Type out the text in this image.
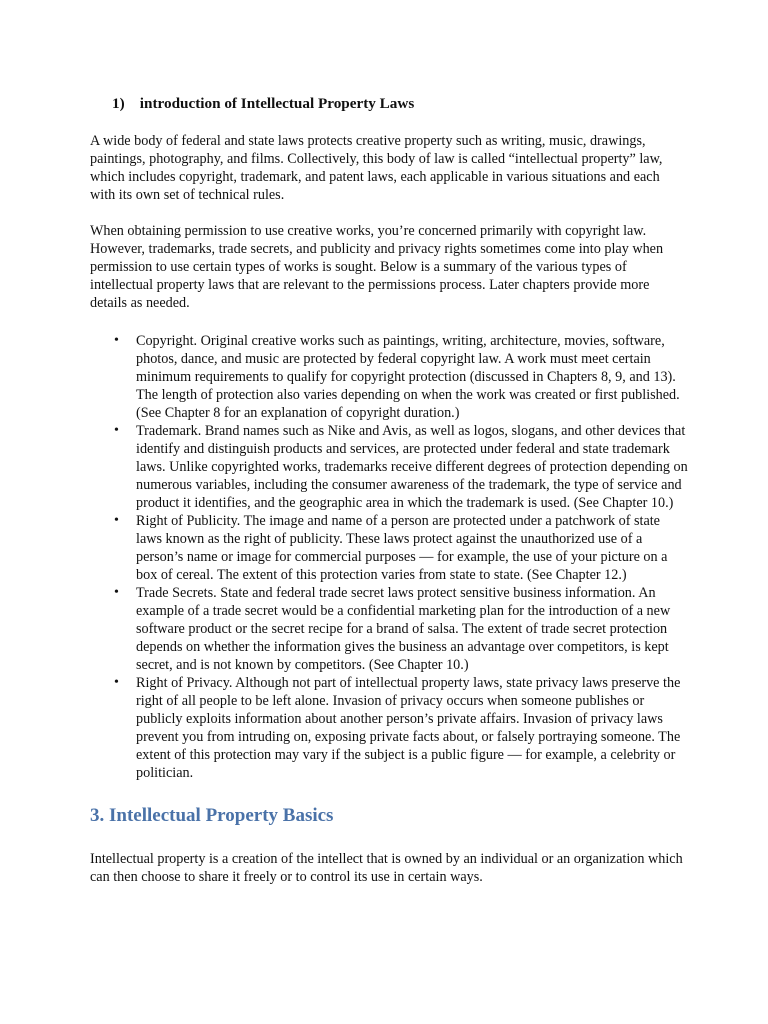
1) introduction of Intellectual Property Laws

A wide body of federal and state laws protects creative property such as writing, music, drawings, paintings, photography, and films. Collectively, this body of law is called “intellectual property” law, which includes copyright, trademark, and patent laws, each applicable in various situations and each with its own set of technical rules.

When obtaining permission to use creative works, you’re concerned primarily with copyright law. However, trademarks, trade secrets, and publicity and privacy rights sometimes come into play when permission to use certain types of works is sought. Below is a summary of the various types of intellectual property laws that are relevant to the permissions process. Later chapters provide more details as needed.

• Copyright. Original creative works such as paintings, writing, architecture, movies, software, photos, dance, and music are protected by federal copyright law. A work must meet certain minimum requirements to qualify for copyright protection (discussed in Chapters 8, 9, and 13). The length of protection also varies depending on when the work was created or first published. (See Chapter 8 for an explanation of copyright duration.)
• Trademark. Brand names such as Nike and Avis, as well as logos, slogans, and other devices that identify and distinguish products and services, are protected under federal and state trademark laws. Unlike copyrighted works, trademarks receive different degrees of protection depending on numerous variables, including the consumer awareness of the trademark, the type of service and product it identifies, and the geographic area in which the trademark is used. (See Chapter 10.)
• Right of Publicity. The image and name of a person are protected under a patchwork of state laws known as the right of publicity. These laws protect against the unauthorized use of a person’s name or image for commercial purposes — for example, the use of your picture on a box of cereal. The extent of this protection varies from state to state. (See Chapter 12.)
• Trade Secrets. State and federal trade secret laws protect sensitive business information. An example of a trade secret would be a confidential marketing plan for the introduction of a new software product or the secret recipe for a brand of salsa. The extent of trade secret protection depends on whether the information gives the business an advantage over competitors, is kept secret, and is not known by competitors. (See Chapter 10.)
• Right of Privacy. Although not part of intellectual property laws, state privacy laws preserve the right of all people to be left alone. Invasion of privacy occurs when someone publishes or publicly exploits information about another person’s private affairs. Invasion of privacy laws prevent you from intruding on, exposing private facts about, or falsely portraying someone. The extent of this protection may vary if the subject is a public figure — for example, a celebrity or politician.
3. Intellectual Property Basics

Intellectual property is a creation of the intellect that is owned by an individual or an organization which can then choose to share it freely or to control its use in certain ways.
